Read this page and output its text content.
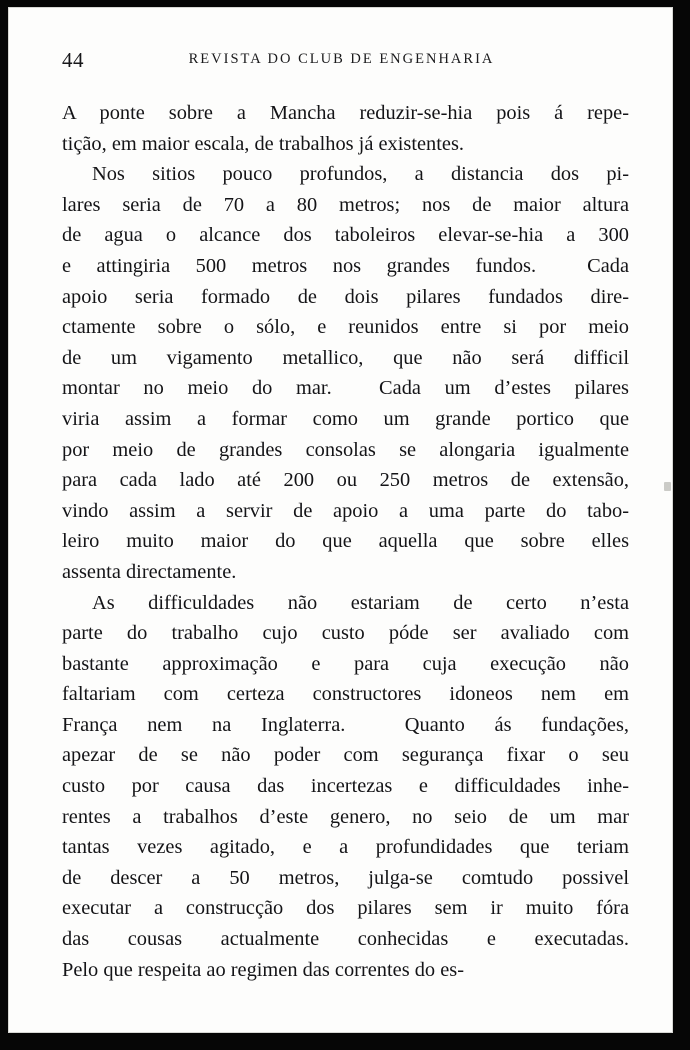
44	REVISTA DO CLUB DE ENGENHARIA

A ponte sobre a Mancha reduzir-se-hia pois á repe-
tição, em maior escala, de trabalhos já existentes.

Nos sitios pouco profundos, a distancia dos pi-
lares seria de 70 a 80 metros; nos de maior altura
de agua o alcance dos taboleiros elevar-se-hia a 300
e attingiria 500 metros nos grandes fundos.  Cada
apoio seria formado de dois pilares fundados dire-
ctamente sobre o sólo, e reunidos entre si por meio
de um vigamento metallico, que não será difficil
montar no meio do mar.  Cada um d’estes pilares
viria assim a formar como um grande portico que
por meio de grandes consolas se alongaria igualmente
para cada lado até 200 ou 250 metros de extensão,
vindo assim a servir de apoio a uma parte do tabo-
leiro muito maior do que aquella que sobre elles
assenta directamente.

As difficuldades não estariam de certo n’esta
parte do trabalho cujo custo póde ser avaliado com
bastante approximação e para cuja execução não
faltariam com certeza constructores idoneos nem em
França nem na Inglaterra.  Quanto ás fundações,
apezar de se não poder com segurança fixar o seu
custo por causa das incertezas e difficuldades inhe-
rentes a trabalhos d’este genero, no seio de um mar
tantas vezes agitado, e a profundidades que teriam
de descer a 50 metros, julga-se comtudo possivel
executar a construcção dos pilares sem ir muito fóra
das cousas actualmente conhecidas e executadas.
Pelo que respeita ao regimen das correntes do es-
